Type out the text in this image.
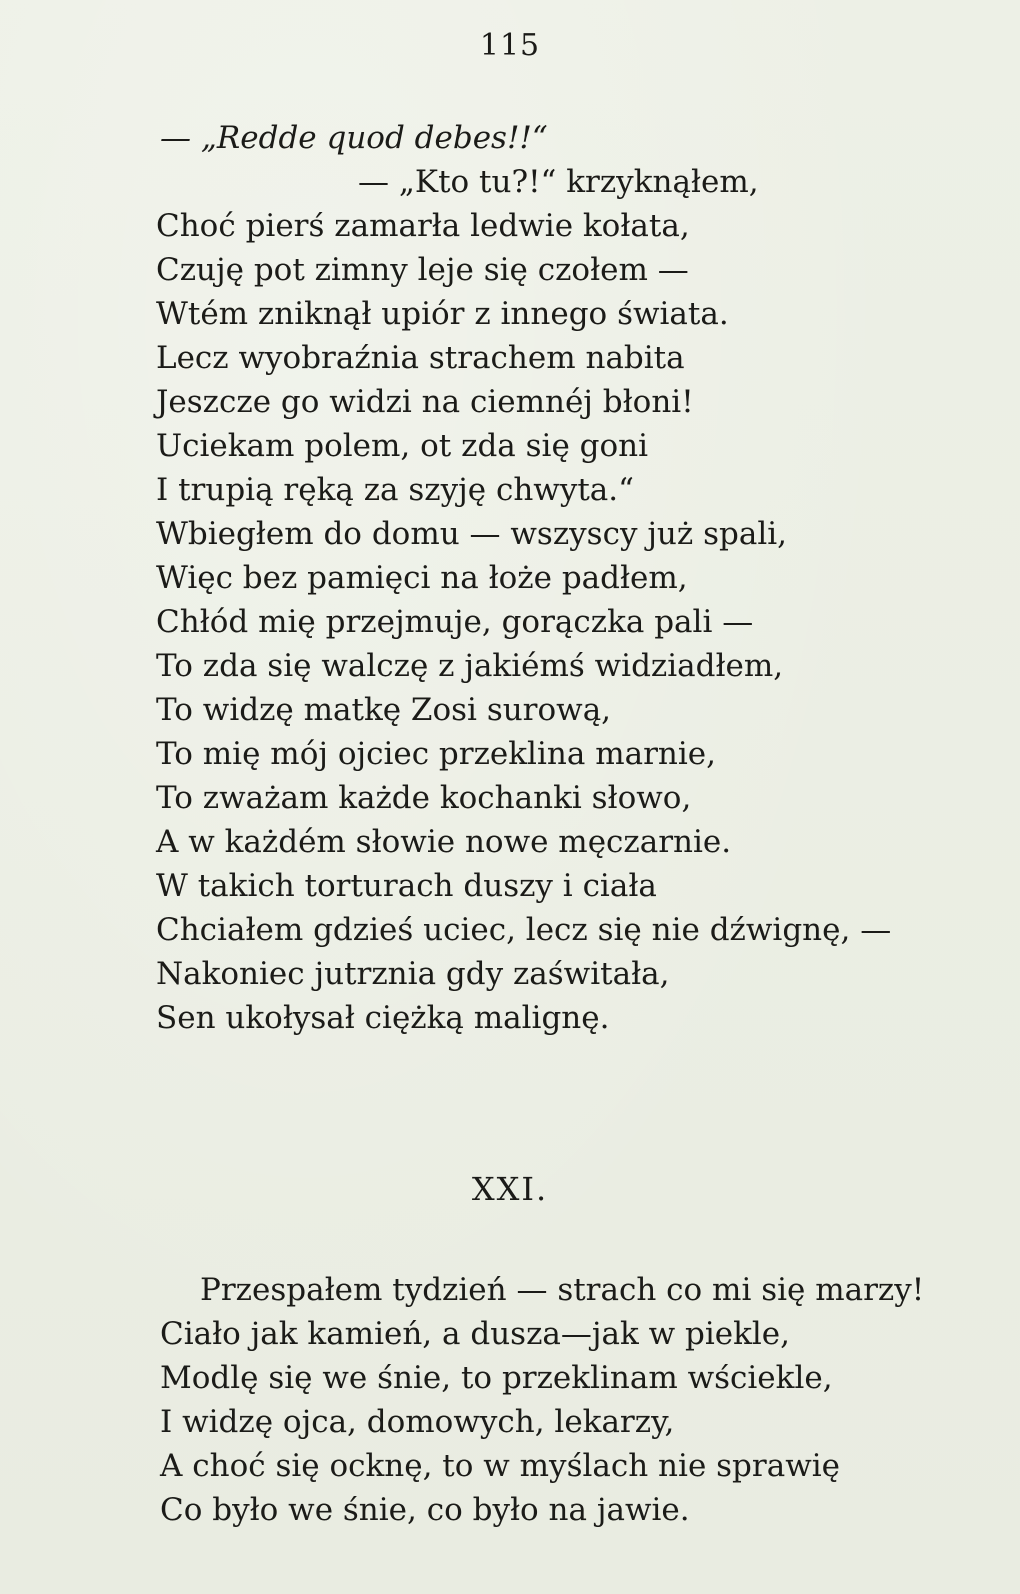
115
— „Redde quod debes!!“
— „Kto tu?!“ krzyknąłem,
Choć pierś zamarła ledwie kołata,
Czuję pot zimny leje się czołem —
Wtém zniknął upiór z innego świata.
Lecz wyobraźnia strachem nabita
Jeszcze go widzi na ciemnéj błoni!
Uciekam polem, ot zda się goni
I trupią ręką za szyję chwyta.“
Wbiegłem do domu — wszyscy już spali,
Więc bez pamięci na łoże padłem,
Chłód mię przejmuje, gorączka pali —
To zda się walczę z jakiémś widziadłem,
To widzę matkę Zosi surową,
To mię mój ojciec przeklina marnie,
To zważam każde kochanki słowo,
A w każdém słowie nowe męczarnie.
W takich torturach duszy i ciała
Chciałem gdzieś uciec, lecz się nie dźwignę, —
Nakoniec jutrznia gdy zaświtała,
Sen ukołysał ciężką malignę.
XXI.
Przespałem tydzień — strach co mi się marzy!
Ciało jak kamień, a dusza—jak w piekle,
Modlę się we śnie, to przeklinam wściekle,
I widzę ojca, domowych, lekarzy,
A choć się ocknę, to w myślach nie sprawię
Co było we śnie, co było na jawie.
